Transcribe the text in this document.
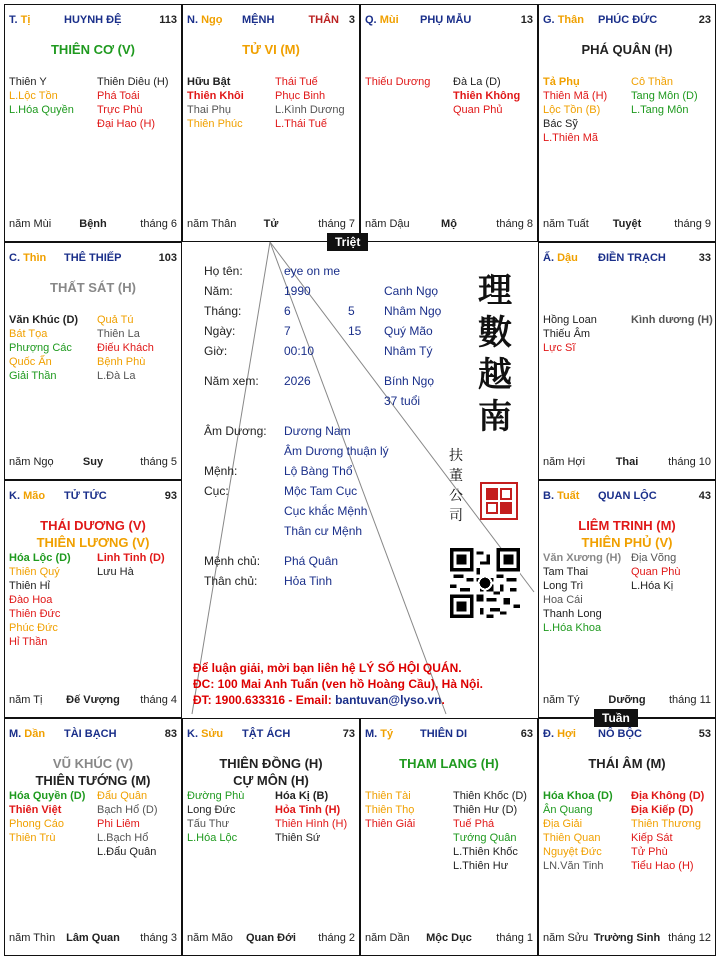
T. Tị	HUYNH ĐỆ	113
THIÊN CƠ (V)
Thiên Y
L.Lộc Tồn
L.Hóa Quyền
Thiên Diêu (H)
Phá Toái
Trực Phù
Đại Hao (H)
năm Mùi	Bệnh	tháng 6
N. Ngọ MỆNH	THÂN 3
TỬ VI (M)
Hữu Bật
Thiên Khôi
Thai Phụ
Thiên Phúc
Thái Tuế
Phục Binh
L.Kình Dương
L.Thái Tuế
năm Thân	Tử	tháng 7
Q. Mùi PHỤ MẪU	13
Thiếu Dương Đà La (D)
Thiên Không
Quan Phủ
năm Dậu	Mộ	tháng 8
G. Thân PHÚC ĐỨC	23
PHÁ QUÂN (H)
Tả Phụ
Thiên Mã (H)
Lộc Tồn (B)
Bác Sỹ
L.Thiên Mã
Cô Thần
Tang Môn (D)
L.Tang Môn
năm Tuất	Tuyệt	tháng 9
C. Thìn THÊ THIẾP	103
THẤT SÁT (H)
Văn Khúc (D)
Bát Tọa
Phượng Các
Quốc Ấn
Giải Thần
Quả Tú
Thiên La
Điếu Khách
Bệnh Phù
L.Đà La
năm Ngọ	Suy	tháng 5
Ấ. Dậu ĐIỀN TRẠCH	33
Hồng Loan
Thiếu Âm
Lực Sĩ
Kình dương (H)
năm Hợi	Thai	tháng 10
K. Mão TỬ TỨC	93
THÁI DƯƠNG (V)
THIÊN LƯƠNG (V)
Hóa Lộc (D)
Thiên Quý
Thiên Hỉ
Đào Hoa
Thiên Đức
Phúc Đức
Hỉ Thần
Linh Tinh (D)
Lưu Hà
năm Tị	Đế Vượng	tháng 4
B. Tuất QUAN LỘC	43
LIÊM TRINH (M)
THIÊN PHỦ (V)
Văn Xương (H)
Tam Thai
Long Trì
Hoa Cái
Thanh Long
L.Hóa Khoa
Địa Võng
Quan Phù
L.Hóa Kị
năm Tý	Dưỡng	tháng 11
M. Dần TÀI BẠCH	83
VŨ KHÚC (V)
THIÊN TƯỚNG (M)
Hóa Quyền (D)
Thiên Việt
Phong Cáo
Thiên Trù
Đẩu Quân
Bạch Hổ (D)
Phi Liêm
L.Bạch Hổ
L.Đẩu Quân
năm Thìn Lâm Quan	tháng 3
K. Sửu TẬT ÁCH	73
THIÊN ĐỒNG (H)
CỰ MÔN (H)
Đường Phù
Long Đức
Tấu Thư
L.Hóa Lộc
Hóa Kị (B)
Hỏa Tinh (H)
Thiên Hình (H)
Thiên Sứ
năm Mão	Quan Đới	tháng 2
M. Tý THIÊN DI	63
THAM LANG (H)
Thiên Tài
Thiên Thọ
Thiên Giải
Thiên Khốc (D)
Thiên Hư (D)
Tuế Phá
Tướng Quân
L.Thiên Khốc
L.Thiên Hư
năm Dần	Mộc Dục	tháng 1
Đ. Hợi NÔ BỘC	53
THÁI ÂM (M)
Hóa Khoa (D)
Ân Quang
Địa Giải
Thiên Quan
Nguyệt Đức
LN.Văn Tinh
Địa Không (D)
Địa Kiếp (D)
Thiên Thương
Kiếp Sát
Tử Phù
Tiểu Hao (H)
năm Sửu Trường Sinh tháng 12
Triệt
Tuần
Họ tên:	eye on me
Năm:	1990	Canh Ngọ
Tháng:	6	5 Nhâm Ngọ
Ngày:	7	15 Quý Mão
Giờ:	00:10	Nhâm Tý
Năm xem: 2026	Bính Ngọ
37 tuổi
Âm Dương: Dương Nam
Âm Dương thuận lý
Mệnh:	Lộ Bàng Thổ
Cục:	Mộc Tam Cục
Cục khắc Mệnh
Thân cư Mệnh
Mệnh chủ: Phá Quân
Thân chủ: Hỏa Tinh
理
數
越
南
扶
董
公
司
Để luận giải, mời bạn liên hệ LÝ SỐ HỘI QUÁN.
ĐC: 100 Mai Anh Tuấn (ven hồ Hoàng Cầu), Hà Nội.
ĐT: 1900.633316 - Email: bantuvan@lyso.vn.
